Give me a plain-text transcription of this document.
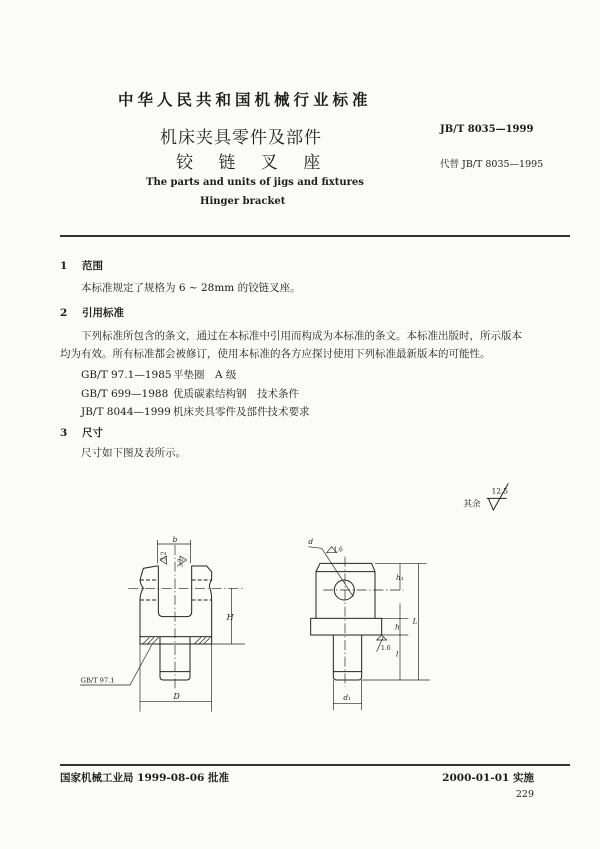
中华人民共和国机械行业标准
机床夹具零件及部件
铰 链 叉 座
The parts and units of jigs and fixtures
Hinger bracket
JB/T 8035—1999
代替 JB/T 8035—1995
1 范围
本标准规定了规格为 6 ~ 28mm 的铰链叉座。
2 引用标准
下列标准所包含的条文，通过在本标准中引用而构成为本标准的条文。本标准出版时，所示版本
均为有效。所有标准都会被修订，使用本标准的各方应探讨使用下列标准最新版本的可能性。
GB/T 97.1—1985平垫圈　A 级
GB/T 699—1988 优质碳素结构钢　技术条件
JB/T 8044—1999 机床夹具零件及部件技术要求
3 尺寸
尺寸如下图及表所示。
其余
12.5
b
3.2
3.2
H
D
GB/T 97.1
d
1.6
1.6
h₁
h
l
L
d₁
国家机械工业局 1999-08-06 批准	2000-01-01 实施
229
